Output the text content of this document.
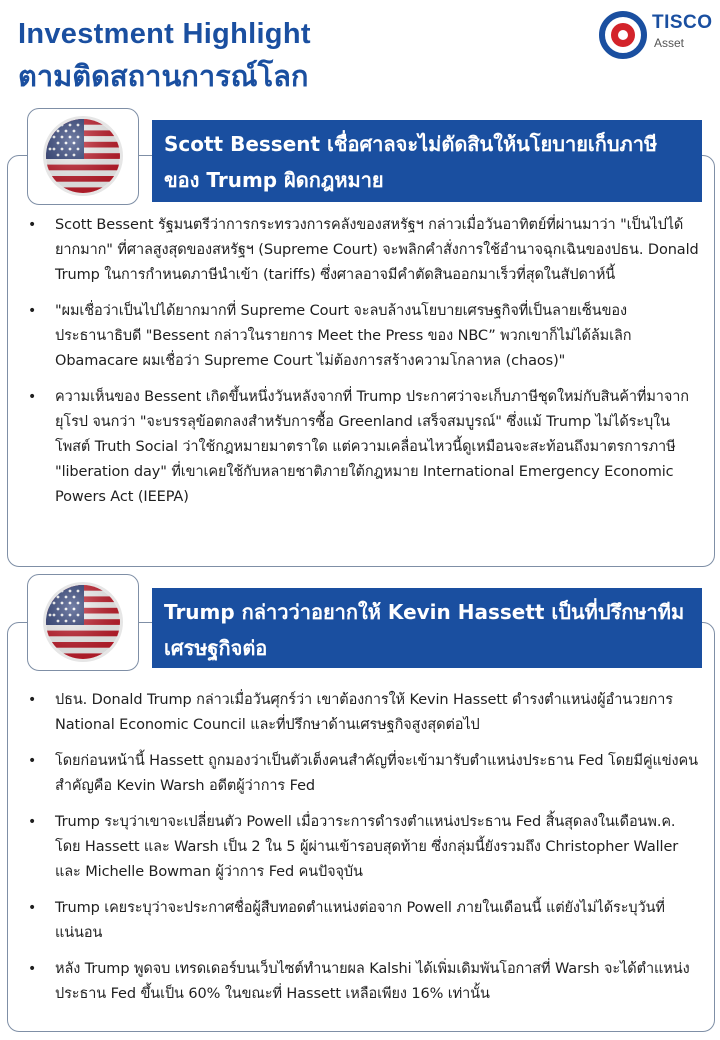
Investment Highlight
ตามติดสถานการณ์โลก
TISCO
Asset
Scott Bessent เชื่อศาลจะไม่ตัดสินให้นโยบายเก็บภาษีของ Trump ผิดกฎหมาย
• Scott Bessent รัฐมนตรีว่าการกระทรวงการคลังของสหรัฐฯ กล่าวเมื่อวันอาทิตย์ที่ผ่านมาว่า "เป็นไปได้ยากมาก" ที่ศาลสูงสุดของสหรัฐฯ (Supreme Court) จะพลิกคำสั่งการใช้อำนาจฉุกเฉินของปธน. Donald Trump ในการกำหนดภาษีนำเข้า (tariffs) ซึ่งศาลอาจมีคำตัดสินออกมาเร็วที่สุดในสัปดาห์นี้
• "ผมเชื่อว่าเป็นไปได้ยากมากที่ Supreme Court จะลบล้างนโยบายเศรษฐกิจที่เป็นลายเซ็นของประธานาธิบดี "Bessent กล่าวในรายการ Meet the Press ของ NBC” พวกเขาก็ไม่ได้ล้มเลิก Obamacare ผมเชื่อว่า Supreme Court ไม่ต้องการสร้างความโกลาหล (chaos)"
• ความเห็นของ Bessent เกิดขึ้นหนึ่งวันหลังจากที่ Trump ประกาศว่าจะเก็บภาษีชุดใหม่กับสินค้าที่มาจากยุโรป จนกว่า "จะบรรลุข้อตกลงสำหรับการซื้อ Greenland เสร็จสมบูรณ์" ซึ่งแม้ Trump ไม่ได้ระบุในโพสต์ Truth Social ว่าใช้กฎหมายมาตราใด แต่ความเคลื่อนไหวนี้ดูเหมือนจะสะท้อนถึงมาตรการภาษี "liberation day" ที่เขาเคยใช้กับหลายชาติภายใต้กฎหมาย International Emergency Economic Powers Act (IEEPA)
Trump กล่าวว่าอยากให้ Kevin Hassett เป็นที่ปรึกษาทีมเศรษฐกิจต่อ
• ปธน. Donald Trump กล่าวเมื่อวันศุกร์ว่า เขาต้องการให้ Kevin Hassett ดำรงตำแหน่งผู้อำนวยการ National Economic Council และที่ปรึกษาด้านเศรษฐกิจสูงสุดต่อไป
• โดยก่อนหน้านี้ Hassett ถูกมองว่าเป็นตัวเต็งคนสำคัญที่จะเข้ามารับตำแหน่งประธาน Fed โดยมีคู่แข่งคนสำคัญคือ Kevin Warsh อดีตผู้ว่าการ Fed
• Trump ระบุว่าเขาจะเปลี่ยนตัว Powell เมื่อวาระการดำรงตำแหน่งประธาน Fed สิ้นสุดลงในเดือนพ.ค. โดย Hassett และ Warsh เป็น 2 ใน 5 ผู้ผ่านเข้ารอบสุดท้าย ซึ่งกลุ่มนี้ยังรวมถึง Christopher Waller และ Michelle Bowman ผู้ว่าการ Fed คนปัจจุบัน
• Trump เคยระบุว่าจะประกาศชื่อผู้สืบทอดตำแหน่งต่อจาก Powell ภายในเดือนนี้ แต่ยังไม่ได้ระบุวันที่แน่นอน
• หลัง Trump พูดจบ เทรดเดอร์บนเว็บไซต์ทำนายผล Kalshi ได้เพิ่มเดิมพันโอกาสที่ Warsh จะได้ตำแหน่งประธาน Fed ขึ้นเป็น 60% ในขณะที่ Hassett เหลือเพียง 16% เท่านั้น
